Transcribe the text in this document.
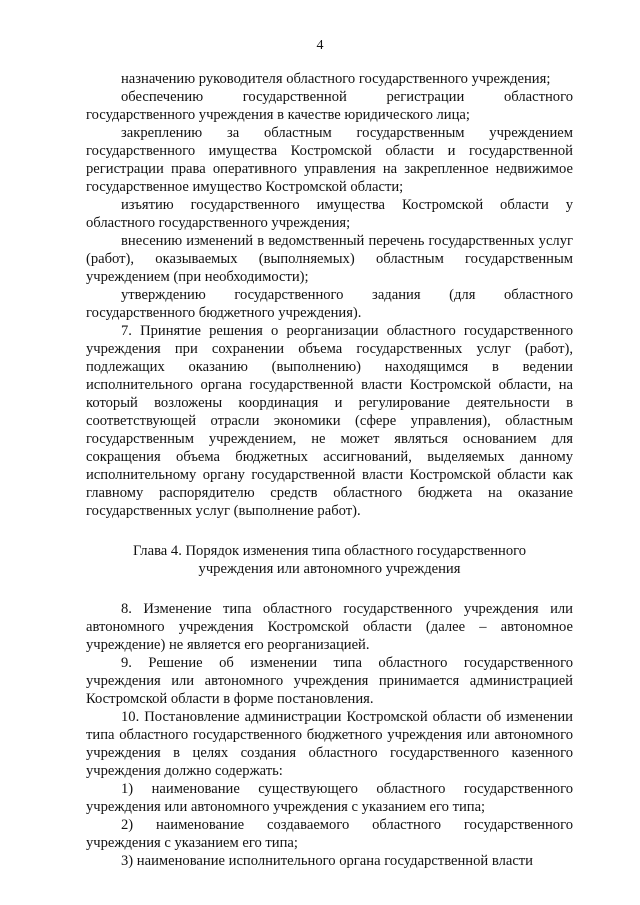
4

назначению руководителя областного государственного учреждения;

обеспечению государственной регистрации областного государственного учреждения в качестве юридического лица;

закреплению за областным государственным учреждением государственного имущества Костромской области и государственной регистрации права оперативного управления на закрепленное недвижимое государственное имущество Костромской области;

изъятию государственного имущества Костромской области у областного государственного учреждения;

внесению изменений в ведомственный перечень государственных услуг (работ), оказываемых (выполняемых) областным государственным учреждением (при необходимости);

утверждению государственного задания (для областного государственного бюджетного учреждения).

7. Принятие решения о реорганизации областного государственного учреждения при сохранении объема государственных услуг (работ), подлежащих оказанию (выполнению) находящимся в ведении исполнительного органа государственной власти Костромской области, на который возложены координация и регулирование деятельности в соответствующей отрасли экономики (сфере управления), областным государственным учреждением, не может являться основанием для сокращения объема бюджетных ассигнований, выделяемых данному исполнительному органу государственной власти Костромской области как главному распорядителю средств областного бюджета на оказание государственных услуг (выполнение работ).

Глава 4. Порядок изменения типа областного государственного
учреждения или автономного учреждения

8. Изменение типа областного государственного учреждения или автономного учреждения Костромской области (далее – автономное учреждение) не является его реорганизацией.

9. Решение об изменении типа областного государственного учреждения или автономного учреждения принимается администрацией Костромской области в форме постановления.

10. Постановление администрации Костромской области об изменении типа областного государственного бюджетного учреждения или автономного учреждения в целях создания областного государственного казенного учреждения должно содержать:

1) наименование существующего областного государственного учреждения или автономного учреждения с указанием его типа;

2) наименование создаваемого областного государственного учреждения с указанием его типа;

3) наименование исполнительного органа государственной власти
